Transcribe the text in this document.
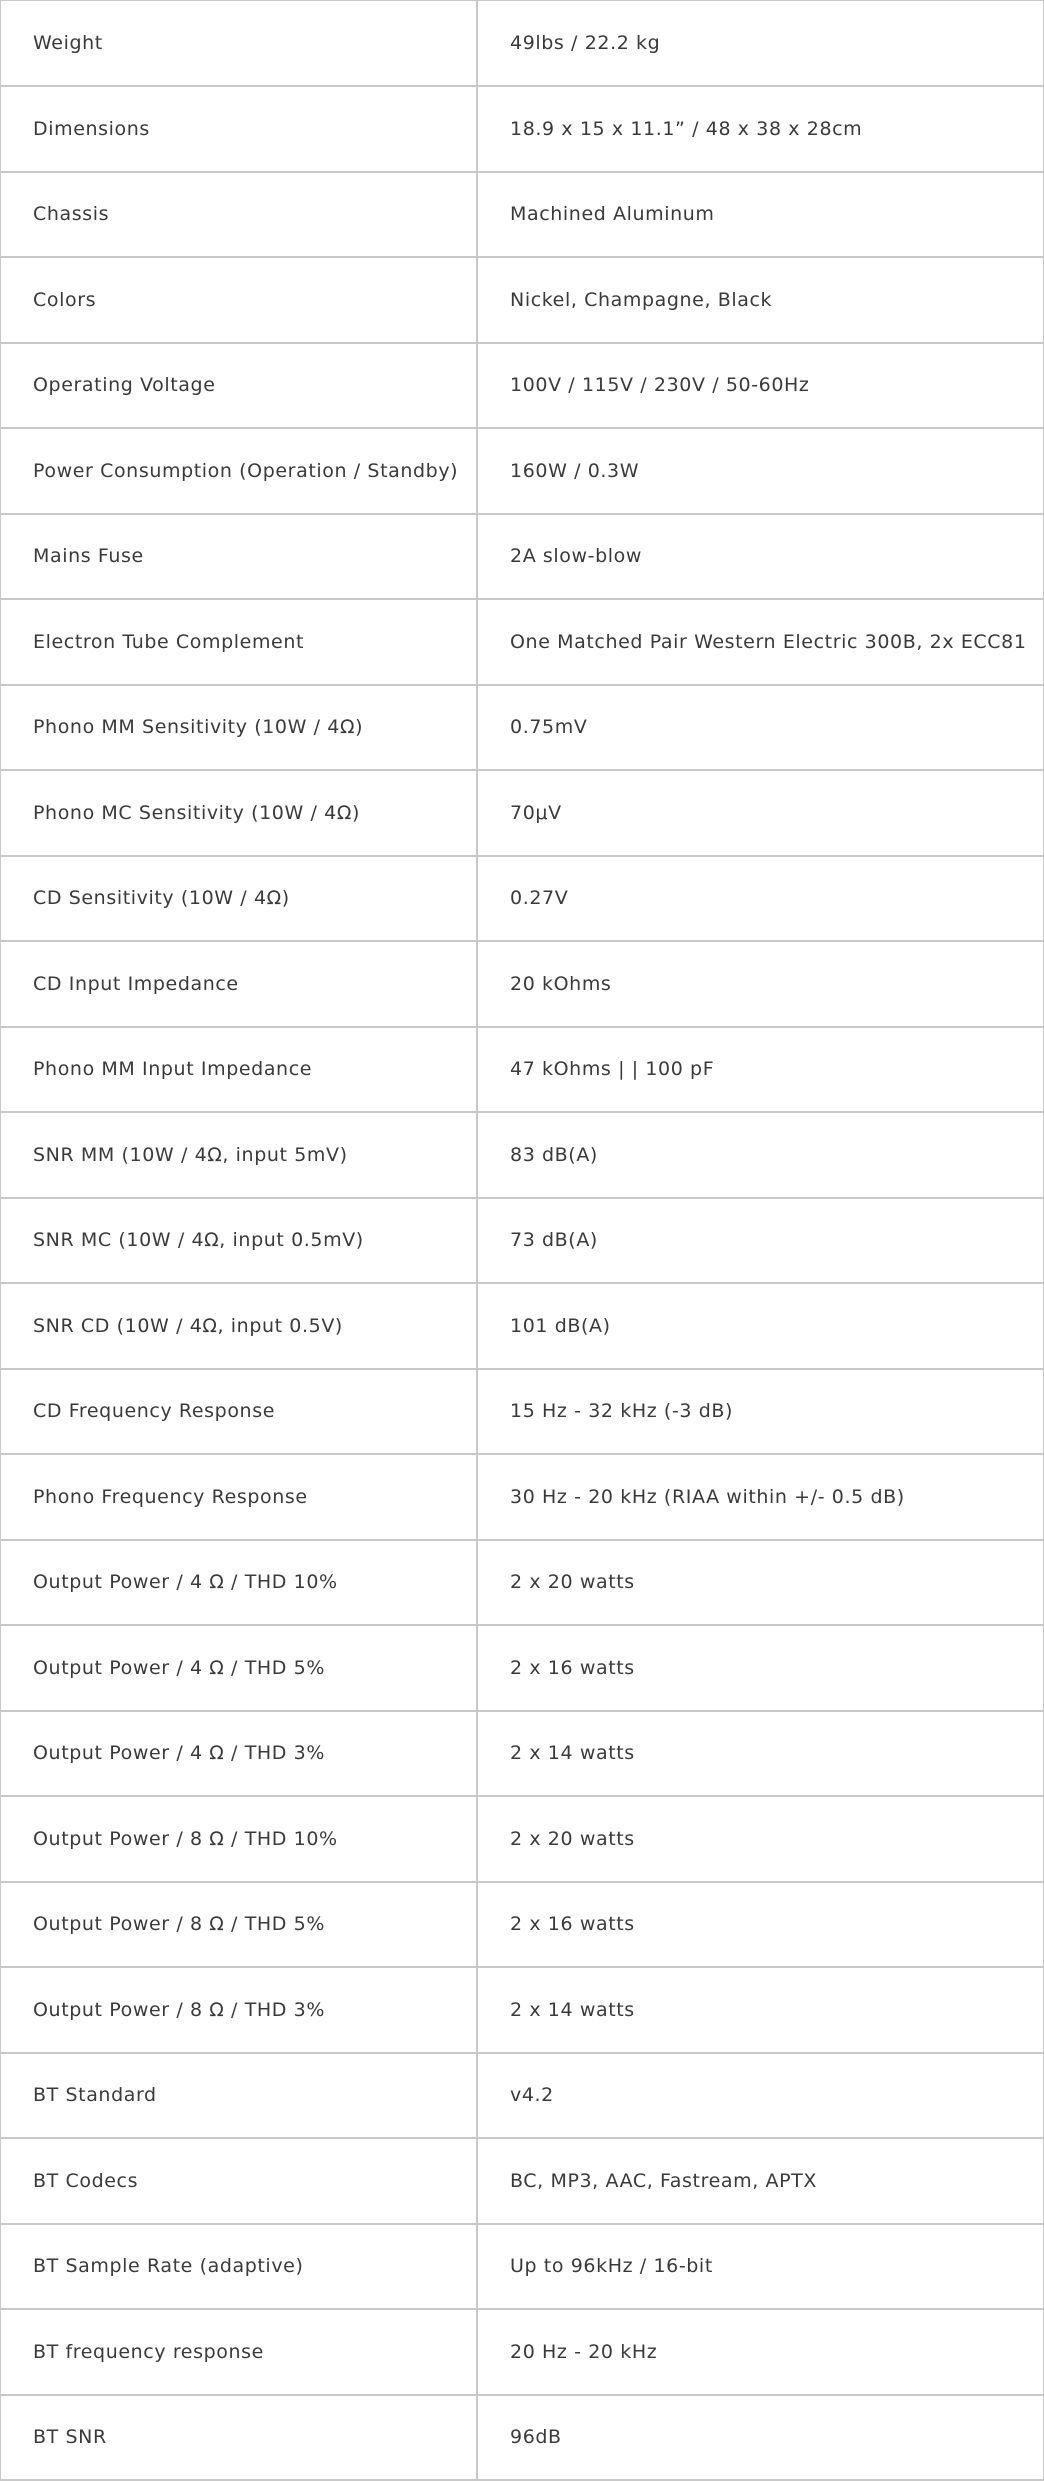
Weight	49lbs / 22.2 kg
Dimensions	18.9 x 15 x 11.1” / 48 x 38 x 28cm
Chassis	Machined Aluminum
Colors	Nickel, Champagne, Black
Operating Voltage	100V / 115V / 230V / 50-60Hz
Power Consumption (Operation / Standby)	160W / 0.3W
Mains Fuse	2A slow-blow
Electron Tube Complement	One Matched Pair Western Electric 300B, 2x ECC81
Phono MM Sensitivity (10W / 4Ω)	0.75mV
Phono MC Sensitivity (10W / 4Ω)	70μV
CD Sensitivity (10W / 4Ω)	0.27V
CD Input Impedance	20 kOhms
Phono MM Input Impedance	47 kOhms | | 100 pF
SNR MM (10W / 4Ω, input 5mV)	83 dB(A)
SNR MC (10W / 4Ω, input 0.5mV)	73 dB(A)
SNR CD (10W / 4Ω, input 0.5V)	101 dB(A)
CD Frequency Response	15 Hz - 32 kHz (-3 dB)
Phono Frequency Response	30 Hz - 20 kHz (RIAA within +/- 0.5 dB)
Output Power / 4 Ω / THD 10%	2 x 20 watts
Output Power / 4 Ω / THD 5%	2 x 16 watts
Output Power / 4 Ω / THD 3%	2 x 14 watts
Output Power / 8 Ω / THD 10%	2 x 20 watts
Output Power / 8 Ω / THD 5%	2 x 16 watts
Output Power / 8 Ω / THD 3%	2 x 14 watts
BT Standard	v4.2
BT Codecs	BC, MP3, AAC, Fastream, APTX
BT Sample Rate (adaptive)	Up to 96kHz / 16-bit
BT frequency response	20 Hz - 20 kHz
BT SNR	96dB
